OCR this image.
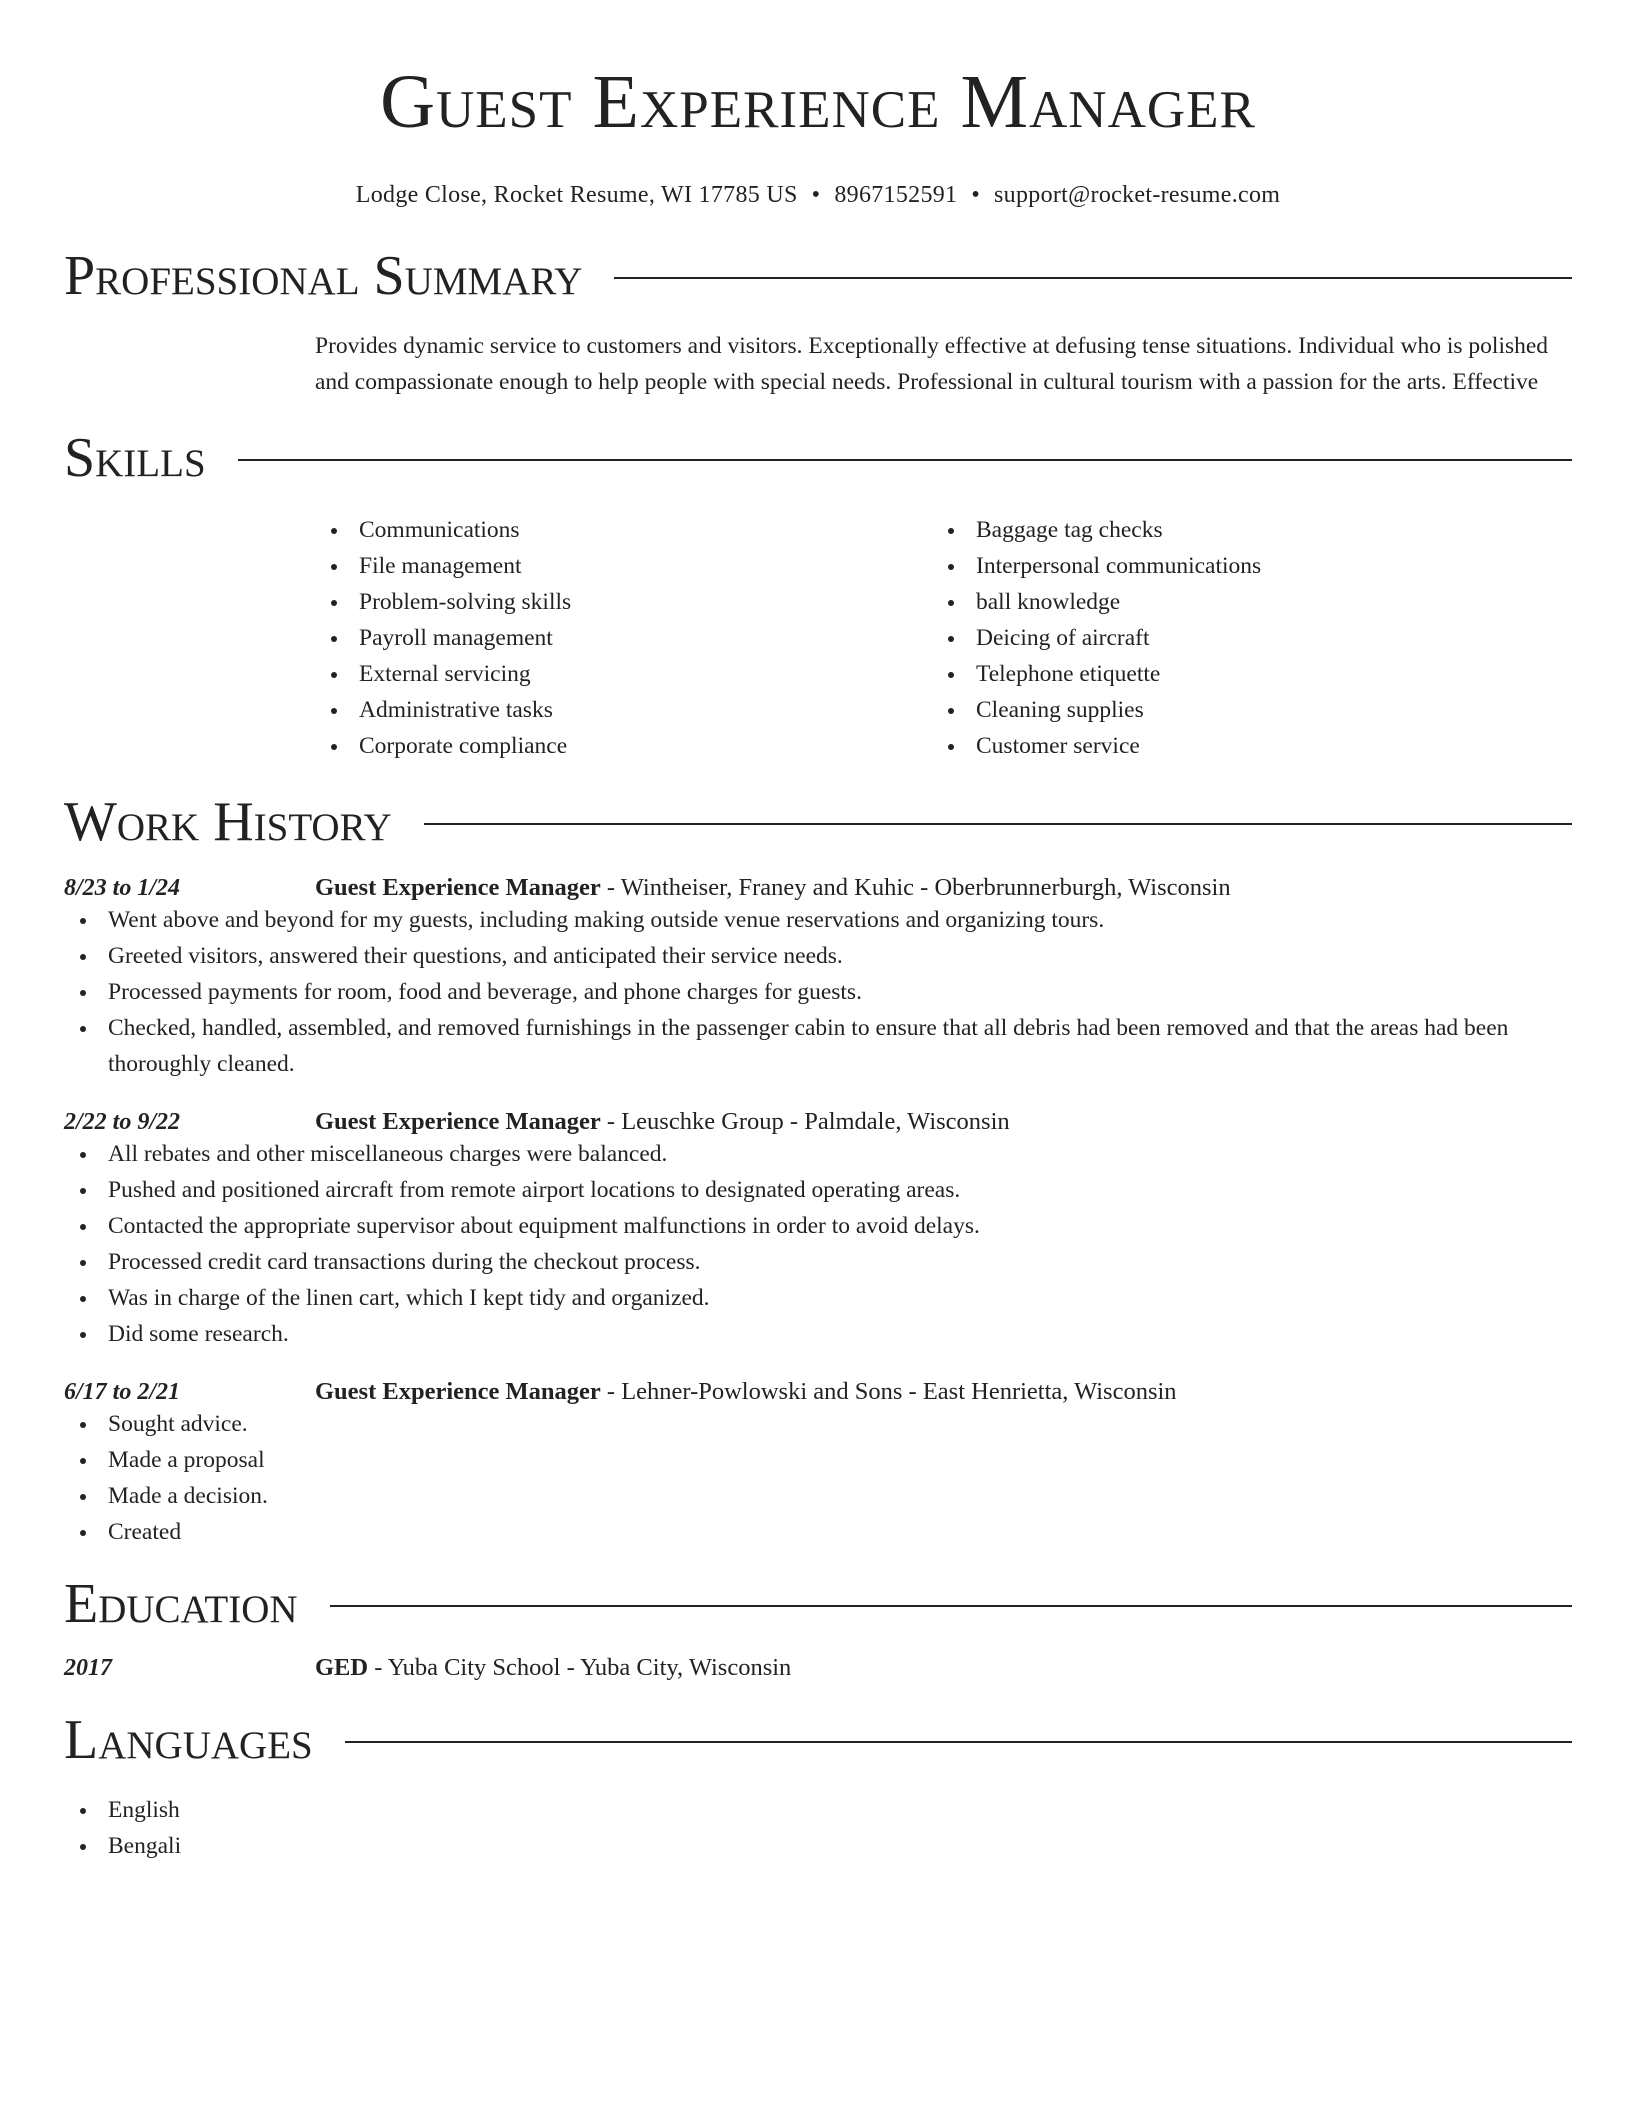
Guest Experience Manager
Lodge Close, Rocket Resume, WI 17785 US • 8967152591 • support@rocket-resume.com
Professional Summary
Provides dynamic service to customers and visitors. Exceptionally effective at defusing tense situations. Individual who is polished and compassionate enough to help people with special needs. Professional in cultural tourism with a passion for the arts. Effective
Skills
Communications
File management
Problem-solving skills
Payroll management
External servicing
Administrative tasks
Corporate compliance
Baggage tag checks
Interpersonal communications
ball knowledge
Deicing of aircraft
Telephone etiquette
Cleaning supplies
Customer service
Work History
8/23 to 1/24	Guest Experience Manager - Wintheiser, Franey and Kuhic - Oberbrunnerburgh, Wisconsin
Went above and beyond for my guests, including making outside venue reservations and organizing tours.
Greeted visitors, answered their questions, and anticipated their service needs.
Processed payments for room, food and beverage, and phone charges for guests.
Checked, handled, assembled, and removed furnishings in the passenger cabin to ensure that all debris had been removed and that the areas had been thoroughly cleaned.
2/22 to 9/22	Guest Experience Manager - Leuschke Group - Palmdale, Wisconsin
All rebates and other miscellaneous charges were balanced.
Pushed and positioned aircraft from remote airport locations to designated operating areas.
Contacted the appropriate supervisor about equipment malfunctions in order to avoid delays.
Processed credit card transactions during the checkout process.
Was in charge of the linen cart, which I kept tidy and organized.
Did some research.
6/17 to 2/21	Guest Experience Manager - Lehner-Powlowski and Sons - East Henrietta, Wisconsin
Sought advice.
Made a proposal
Made a decision.
Created
Education
2017	GED - Yuba City School - Yuba City, Wisconsin
Languages
English
Bengali
